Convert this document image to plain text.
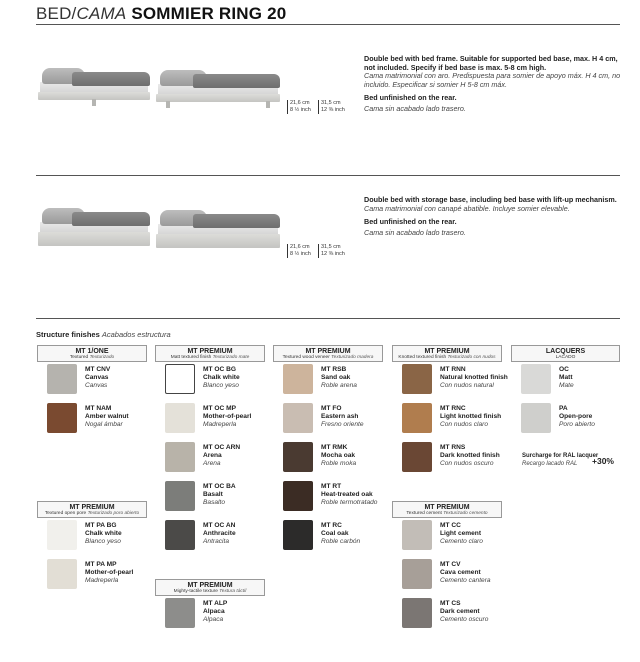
BED/CAMA SOMMIER RING 20
21,6 cm
8 ½ inch
31,5 cm
12 ⅜ inch
Double bed with bed frame. Suitable for supported bed base, max. H 4 cm, not included. Specify if bed base is max. 5-8 cm high.
Cama matrimonial con aro. Predispuesta para somier de apoyo máx. H 4 cm, no incluido. Especificar si somier H 5-8 cm máx.
Bed unfinished on the rear.
Cama sin acabado lado trasero.
21,6 cm
8 ½ inch
31,5 cm
12 ⅜ inch
Double bed with storage base, including bed base with lift-up mechanism.
Cama matrimonial con canapé abatible. Incluye somier elevable.
Bed unfinished on the rear.
Cama sin acabado lado trasero.
Structure finishes Acabados estructura
MT 1/ONE
Textured Texturizado
MT CNV
Canvas
Canvas
MT NAM
Amber walnut
Nogal ámbar
MT PREMIUM
Textured open pore Texturizado poro abierto
MT PA BG
Chalk white
Blanco yeso
MT PA MP
Mother-of-pearl
Madreperla
MT PREMIUM
Matt textured finish Texturizado mate
MT OC BG
Chalk white
Blanco yeso
MT OC MP
Mother-of-pearl
Madreperla
MT OC ARN
Arena
Arena
MT OC BA
Basalt
Basalto
MT OC AN
Anthracite
Antracita
MT PREMIUM
Mighty-tactile texture Textura táctil
MT ALP
Alpaca
Alpaca
MT PREMIUM
Textured wood veneer Texturizado madera
MT RSB
Sand oak
Roble arena
MT FO
Eastern ash
Fresno oriente
MT RMK
Mocha oak
Roble moka
MT RT
Heat-treated oak
Roble termotratado
MT RC
Coal oak
Roble carbón
MT PREMIUM
Knotted textured finish Texturizado con nudos
MT RNN
Natural knotted finish
Con nudos natural
MT RNC
Light knotted finish
Con nudos claro
MT RNS
Dark knotted finish
Con nudos oscuro
MT PREMIUM
Textured cement Texturizado cemento
MT CC
Light cement
Cemento claro
MT CV
Cava cement
Cemento cantera
MT CS
Dark cement
Cemento oscuro
LACQUERS
LACADO
OC
Matt
Mate
PA
Open-pore
Poro abierto
Surcharge for RAL lacquer
Recargo lacado RAL	+30%
